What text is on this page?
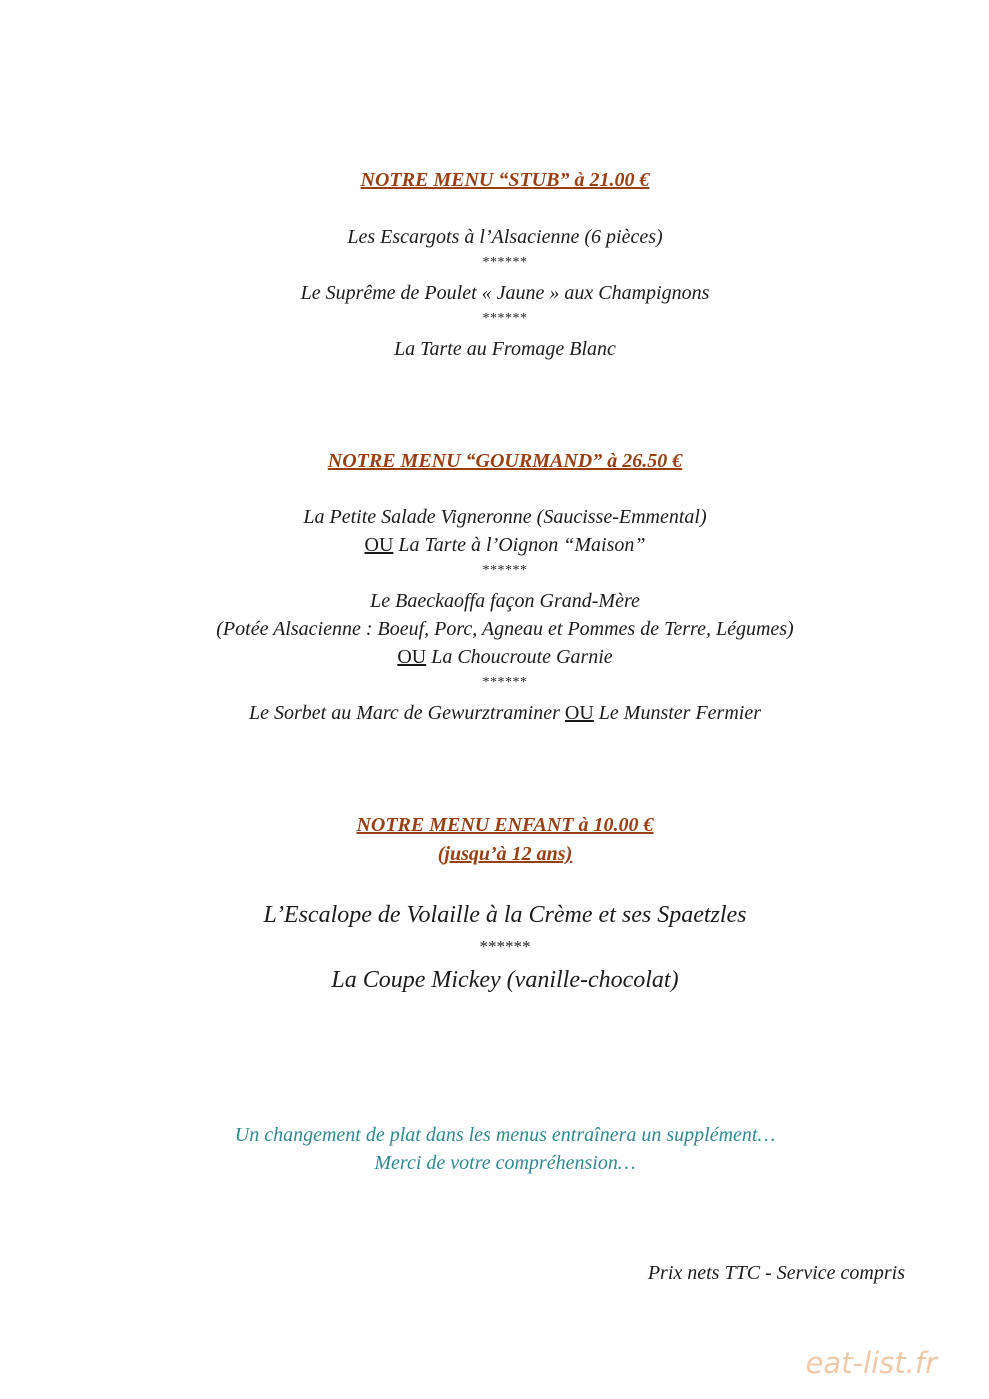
NOTRE MENU “STUB” à 21.00 €
Les Escargots à l’Alsacienne (6 pièces)
******
Le Suprême de Poulet « Jaune » aux Champignons
******
La Tarte au Fromage Blanc
NOTRE MENU “GOURMAND” à 26.50 €
La Petite Salade Vigneronne (Saucisse-Emmental)
OU La Tarte à l’Oignon “Maison”
******
Le Baeckaoffa façon Grand-Mère
(Potée Alsacienne : Boeuf, Porc, Agneau et Pommes de Terre, Légumes)
OU La Choucroute Garnie
******
Le Sorbet au Marc de Gewurztraminer OU Le Munster Fermier
NOTRE MENU ENFANT à 10.00 €
(jusqu’à 12 ans)
L’Escalope de Volaille à la Crème et ses Spaetzles
******
La Coupe Mickey (vanille-chocolat)
Un changement de plat dans les menus entraînera un supplément…
Merci de votre compréhension…
Prix nets TTC - Service compris
eat-list.fr
